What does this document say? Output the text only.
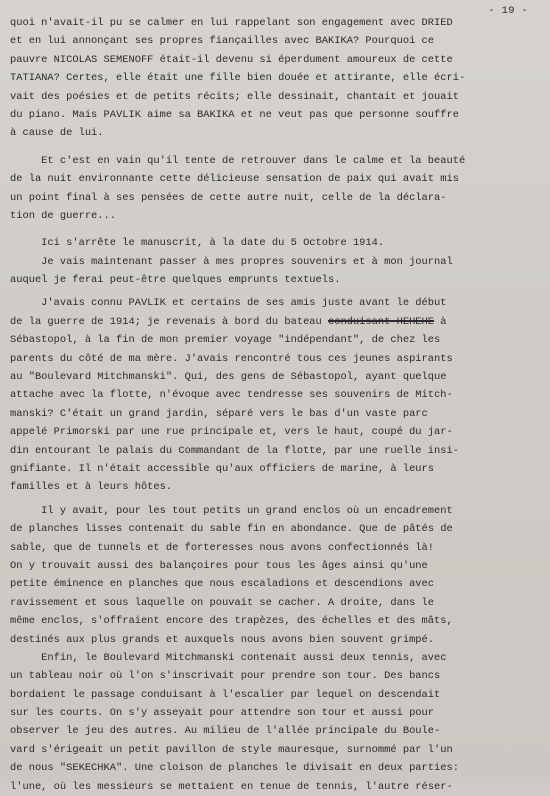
- 19 -
quoi n'avait-il pu se calmer en lui rappelant son engagement avec DRIED
et en lui annonçant ses propres fiançailles avec BAKIKA? Pourquoi ce
pauvre NICOLAS SEMENOFF était-il devenu si éperdument amoureux de cette
TATIANA? Certes, elle était une fille bien douée et attirante, elle écri-
vait des poésies et de petits récits; elle dessinait, chantait et jouait
du piano. Mais PAVLIK aime sa BAKIKA et ne veut pas que personne souffre
à cause de lui.
Et c'est en vain qu'il tente de retrouver dans le calme et la beauté
de la nuit environnante cette délicieuse sensation de paix qui avait mis
un point final à ses pensées de cette autre nuit, celle de la déclara-
tion de guerre...
Ici s'arrête le manuscrit, à la date du 5 Octobre 1914.
Je vais maintenant passer à mes propres souvenirs et à mon journal
auquel je ferai peut-être quelques emprunts textuels.
J'avais connu PAVLIK et certains de ses amis juste avant le début
de la guerre de 1914; je revenais à bord du bateau conduisant HEHEHE à
Sébastopol, à la fin de mon premier voyage "indépendant", de chez les
parents du côté de ma mère. J'avais rencontré tous ces jeunes aspirants
au "Boulevard Mitchmanski". Qui, des gens de Sébastopol, ayant quelque
attache avec la flotte, n'évoque avec tendresse ses souvenirs de Mitch-
manski? C'était un grand jardin, séparé vers le bas d'un vaste parc
appelé Primorski par une rue principale et, vers le haut, coupé du jar-
din entourant le palais du Commandant de la flotte, par une ruelle insi-
gnifiante. Il n'était accessible qu'aux officiers de marine, à leurs
familles et à leurs hôtes.
Il y avait, pour les tout petits un grand enclos où un encadrement
de planches lisses contenait du sable fin en abondance. Que de pâtés de
sable, que de tunnels et de forteresses nous avons confectionnés là!
On y trouvait aussi des balançoires pour tous les âges ainsi qu'une
petite éminence en planches que nous escaladions et descendions avec
ravissement et sous laquelle on pouvait se cacher. A droite, dans le
même enclos, s'offraient encore des trapèzes, des échelles et des mâts,
destinés aux plus grands et auxquels nous avons bien souvent grimpé.
Enfin, le Boulevard Mitchmanski contenait aussi deux tennis, avec
un tableau noir où l'on s'inscrivait pour prendre son tour. Des bancs
bordaient le passage conduisant à l'escalier par lequel on descendait
sur les courts. On s'y asseyait pour attendre son tour et aussi pour
observer le jeu des autres. Au milieu de l'allée principale du Boule-
vard s'érigeait un petit pavillon de style mauresque, surnommé par l'un
de nous "SEKECHKA". Une cloison de planches le divisait en deux parties:
l'une, où les messieurs se mettaient en tenue de tennis, l'autre réser-
